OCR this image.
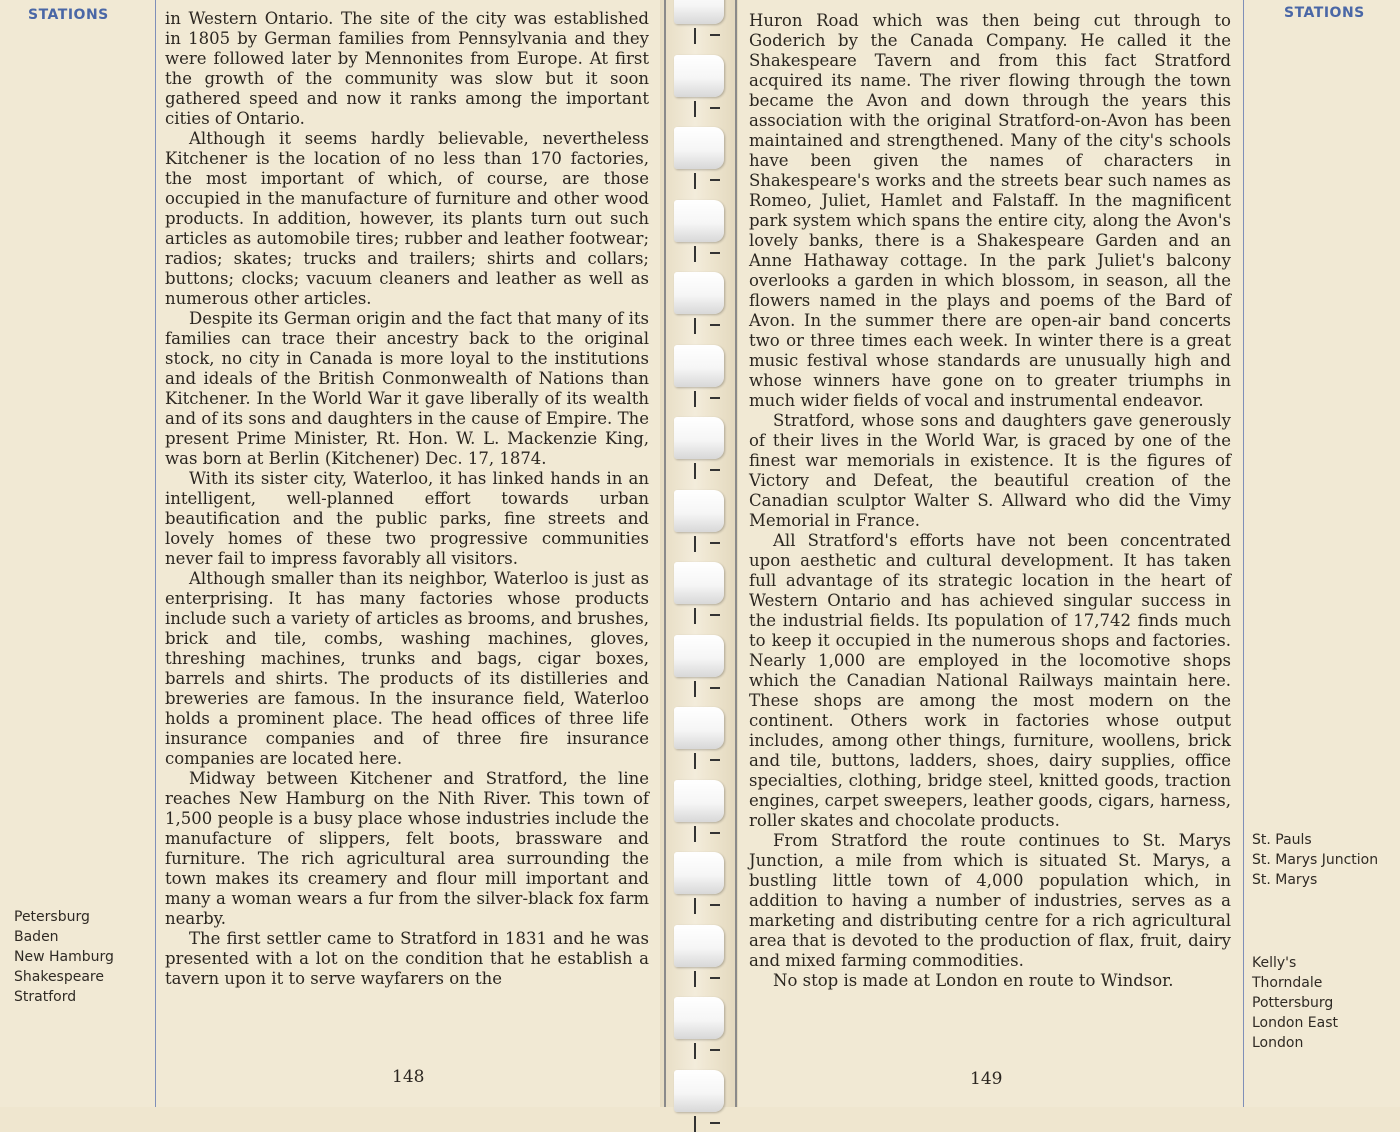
STATIONS
Petersburg
Baden
New Hamburg
Shakespeare
Stratford

in Western Ontario. The site of the city was established in 1805 by German families from Pennsylvania and they were followed later by Mennonites from Europe. At first the growth of the community was slow but it soon gathered speed and now it ranks among the important cities of Ontario.

Although it seems hardly believable, nevertheless Kitchener is the location of no less than 170 factories, the most important of which, of course, are those occupied in the manufacture of furniture and other wood products. In addition, however, its plants turn out such articles as automobile tires; rubber and leather footwear; radios; skates; trucks and trailers; shirts and collars; buttons; clocks; vacuum cleaners and leather as well as numerous other articles.

Despite its German origin and the fact that many of its families can trace their ancestry back to the original stock, no city in Canada is more loyal to the institutions and ideals of the British Conmonwealth of Nations than Kitchener. In the World War it gave liberally of its wealth and of its sons and daughters in the cause of Empire. The present Prime Minister, Rt. Hon. W. L. Mackenzie King, was born at Berlin (Kitchener) Dec. 17, 1874.

With its sister city, Waterloo, it has linked hands in an intelligent, well-planned effort towards urban beautification and the public parks, fine streets and lovely homes of these two progressive communities never fail to impress favorably all visitors.

Although smaller than its neighbor, Waterloo is just as enterprising. It has many factories whose products include such a variety of articles as brooms, and brushes, brick and tile, combs, washing machines, gloves, threshing machines, trunks and bags, cigar boxes, barrels and shirts. The products of its distilleries and breweries are famous. In the insurance field, Waterloo holds a prominent place. The head offices of three life insurance companies and of three fire insurance companies are located here.

Midway between Kitchener and Stratford, the line reaches New Hamburg on the Nith River. This town of 1,500 people is a busy place whose industries include the manufacture of slippers, felt boots, brassware and furniture. The rich agricultural area surrounding the town makes its creamery and flour mill important and many a woman wears a fur from the silver-black fox farm nearby.

The first settler came to Stratford in 1831 and he was presented with a lot on the condition that he establish a tavern upon it to serve wayfarers on the

148
STATIONS
St. Pauls
St. Marys Junction
St. Marys
Kelly's
Thorndale
Pottersburg
London East
London

Huron Road which was then being cut through to Goderich by the Canada Company. He called it the Shakespeare Tavern and from this fact Stratford acquired its name. The river flowing through the town became the Avon and down through the years this association with the original Stratford-on-Avon has been maintained and strengthened. Many of the city's schools have been given the names of characters in Shakespeare's works and the streets bear such names as Romeo, Juliet, Hamlet and Falstaff. In the magnificent park system which spans the entire city, along the Avon's lovely banks, there is a Shakespeare Garden and an Anne Hathaway cottage. In the park Juliet's balcony overlooks a garden in which blossom, in season, all the flowers named in the plays and poems of the Bard of Avon. In the summer there are open-air band concerts two or three times each week. In winter there is a great music festival whose standards are unusually high and whose winners have gone on to greater triumphs in much wider fields of vocal and instrumental endeavor.

Stratford, whose sons and daughters gave generously of their lives in the World War, is graced by one of the finest war memorials in existence. It is the figures of Victory and Defeat, the beautiful creation of the Canadian sculptor Walter S. Allward who did the Vimy Memorial in France.

All Stratford's efforts have not been concentrated upon aesthetic and cultural development. It has taken full advantage of its strategic location in the heart of Western Ontario and has achieved singular success in the industrial fields. Its population of 17,742 finds much to keep it occupied in the numerous shops and factories. Nearly 1,000 are employed in the locomotive shops which the Canadian National Railways maintain here. These shops are among the most modern on the continent. Others work in factories whose output includes, among other things, furniture, woollens, brick and tile, buttons, ladders, shoes, dairy supplies, office specialties, clothing, bridge steel, knitted goods, traction engines, carpet sweepers, leather goods, cigars, harness, roller skates and chocolate products.

From Stratford the route continues to St. Marys Junction, a mile from which is situated St. Marys, a bustling little town of 4,000 population which, in addition to having a number of industries, serves as a marketing and distributing centre for a rich agricultural area that is devoted to the production of flax, fruit, dairy and mixed farming commodities.

No stop is made at London en route to Windsor.

149
